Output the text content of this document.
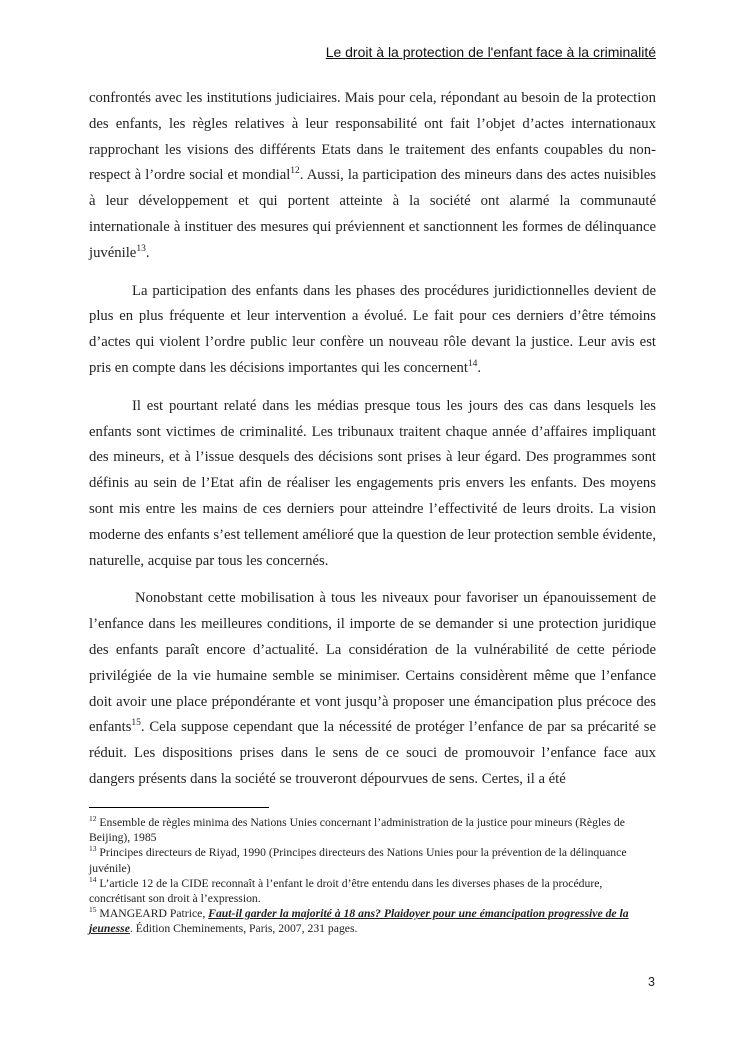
Le droit à la protection de l'enfant face à la criminalité

confrontés avec les institutions judiciaires. Mais pour cela, répondant au besoin de la protection des enfants, les règles relatives à leur responsabilité ont fait l’objet d’actes internationaux rapprochant les visions des différents Etats dans le traitement des enfants coupables du non-respect à l’ordre social et mondial$^{12}$. Aussi, la participation des mineurs dans des actes nuisibles à leur développement et qui portent atteinte à la société ont alarmé la communauté internationale à instituer des mesures qui préviennent et sanctionnent les formes de délinquance juvénile$^{13}$.

La participation des enfants dans les phases des procédures juridictionnelles devient de plus en plus fréquente et leur intervention a évolué. Le fait pour ces derniers d’être témoins d’actes qui violent l’ordre public leur confère un nouveau rôle devant la justice. Leur avis est pris en compte dans les décisions importantes qui les concernent$^{14}$.

Il est pourtant relaté dans les médias presque tous les jours des cas dans lesquels les enfants sont victimes de criminalité. Les tribunaux traitent chaque année d’affaires impliquant des mineurs, et à l’issue desquels des décisions sont prises à leur égard. Des programmes sont définis au sein de l’Etat afin de réaliser les engagements pris envers les enfants. Des moyens sont mis entre les mains de ces derniers pour atteindre l’effectivité de leurs droits. La vision moderne des enfants s’est tellement amélioré que la question de leur protection semble évidente, naturelle, acquise par tous les concernés.

Nonobstant cette mobilisation à tous les niveaux pour favoriser un épanouissement de l’enfance dans les meilleures conditions, il importe de se demander si une protection juridique des enfants paraît encore d’actualité. La considération de la vulnérabilité de cette période privilégiée de la vie humaine semble se minimiser. Certains considèrent même que l’enfance doit avoir une place prépondérante et vont jusqu’à proposer une émancipation plus précoce des enfants$^{15}$. Cela suppose cependant que la nécessité de protéger l’enfance de par sa précarité se réduit. Les dispositions prises dans le sens de ce souci de promouvoir l’enfance face aux dangers présents dans la société se trouveront dépourvues de sens. Certes, il a été

$^{12}$ Ensemble de règles minima des Nations Unies concernant l’administration de la justice pour mineurs (Règles de Beijing), 1985

$^{13}$ Principes directeurs de Riyad, 1990 (Principes directeurs des Nations Unies pour la prévention de la délinquance juvénile)

$^{14}$ L’article 12 de la CIDE reconnaît à l’enfant le droit d’être entendu dans les diverses phases de la procédure, concrétisant son droit à l’expression.

$^{15}$ MANGEARD Patrice, Faut-il garder la majorité à 18 ans? Plaidoyer pour une émancipation progressive de la jeunesse. Édition Cheminements, Paris, 2007, 231 pages.

3
